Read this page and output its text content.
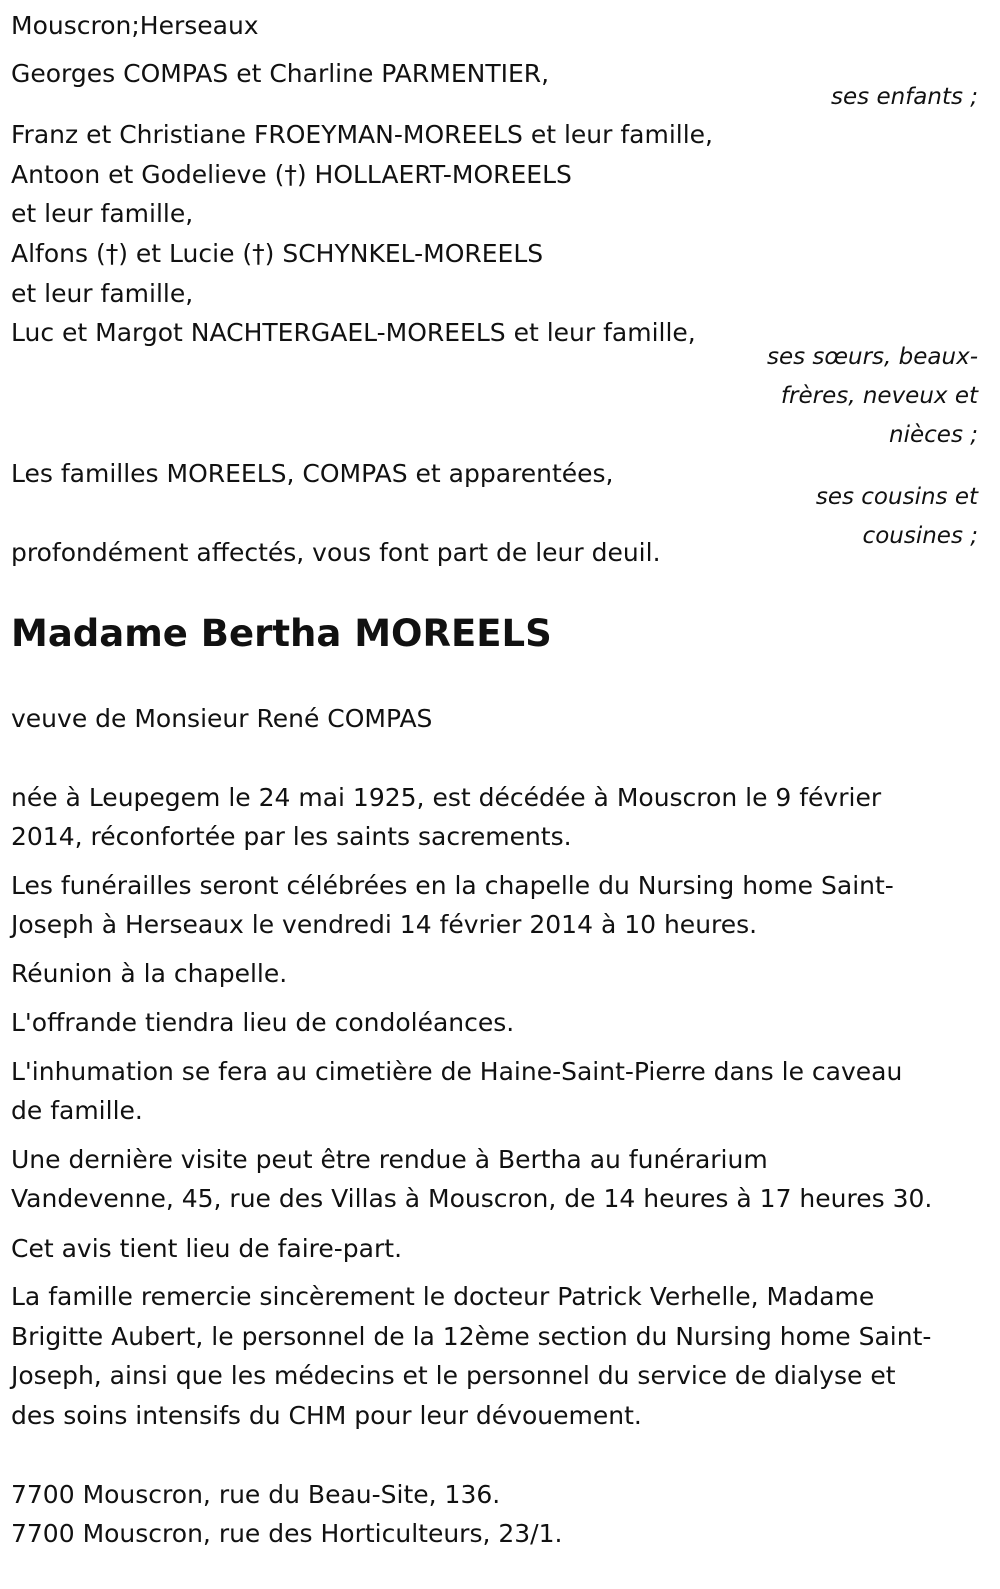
Mouscron;Herseaux
Georges COMPAS et Charline PARMENTIER,
ses enfants ;
Franz et Christiane FROEYMAN-MOREELS et leur famille,
Antoon et Godelieve (†) HOLLAERT-MOREELS
et leur famille,
Alfons (†) et Lucie (†) SCHYNKEL-MOREELS
et leur famille,
Luc et Margot NACHTERGAEL-MOREELS et leur famille,
ses sœurs, beaux-
frères, neveux et
nièces ;
Les familles MOREELS, COMPAS et apparentées,
ses cousins et
cousines ;
profondément affectés, vous font part de leur deuil.
Madame Bertha MOREELS
veuve de Monsieur René COMPAS
née à Leupegem le 24 mai 1925, est décédée à Mouscron le 9 février
2014, réconfortée par les saints sacrements.
Les funérailles seront célébrées en la chapelle du Nursing home Saint-
Joseph à Herseaux le vendredi 14 février 2014 à 10 heures.
Réunion à la chapelle.
L'offrande tiendra lieu de condoléances.
L'inhumation se fera au cimetière de Haine-Saint-Pierre dans le caveau
de famille.
Une dernière visite peut être rendue à Bertha au funérarium
Vandevenne, 45, rue des Villas à Mouscron, de 14 heures à 17 heures 30.
Cet avis tient lieu de faire-part.
La famille remercie sincèrement le docteur Patrick Verhelle, Madame
Brigitte Aubert, le personnel de la 12ème section du Nursing home Saint-
Joseph, ainsi que les médecins et le personnel du service de dialyse et
des soins intensifs du CHM pour leur dévouement.
7700 Mouscron, rue du Beau-Site, 136.
7700 Mouscron, rue des Horticulteurs, 23/1.
